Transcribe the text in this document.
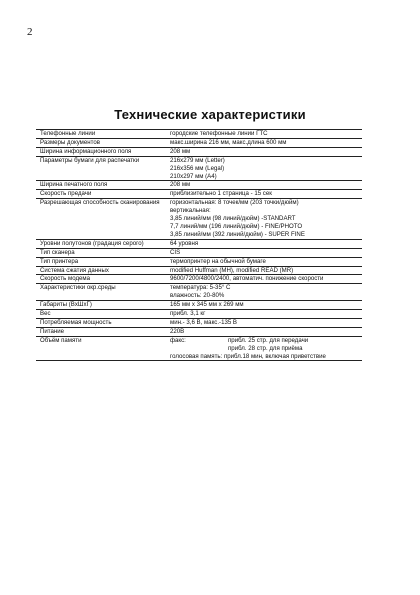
2
Технические характеристики
Телефонные линии	городские телефонные линии ГТС
Размеры документов	макс.ширина 216 мм, макс.длина 600 мм
Ширина информационного поля	208 мм
Параметры бумаги для распечатки	216x279 мм (Letter)
216x356 мм (Legal)
210x297 мм (A4)
Ширина печатного поля	208 мм
Скорость предачи	приблизительно 1 страница - 15 сек
Разрешающая способность сканирования	горизонтальная: 8 точек/мм (203 точки/дюйм)
вертикальная:
3,85 линий/мм (98 линий/дюйм) -STANDART
7,7 линий/мм (196 линий/дюйм) - FINE/PHOTO
3,85 линий/мм (392 линий/дюйм) - SUPER FINE
Уровни полутонов (градация серого)	64 уровня
Тип сканера	CIS
Тип принтера	термопринтер на обычной бумаге
Система сжатия данных	modified Huffman (MH), modified READ (MR)
Скорость модема	9600/7200/4800/2400, автоматич. понижение скорости
Характеристики окр.среды	температура: 5-35° С
влажность: 20-80%
Габариты (ВxШxГ)	165 мм x 345 мм x 269 мм
Вес	прибл. 3,1 кг
Потребляемая мощность	мин.- 3,6 В, макс.-135 В
Питание	220В
Объём памяти	факс:	прибл. 25 стр. для передачи
прибл. 28 стр. для приёма
голосовая память: прибл.18 мин, включая приветствие
